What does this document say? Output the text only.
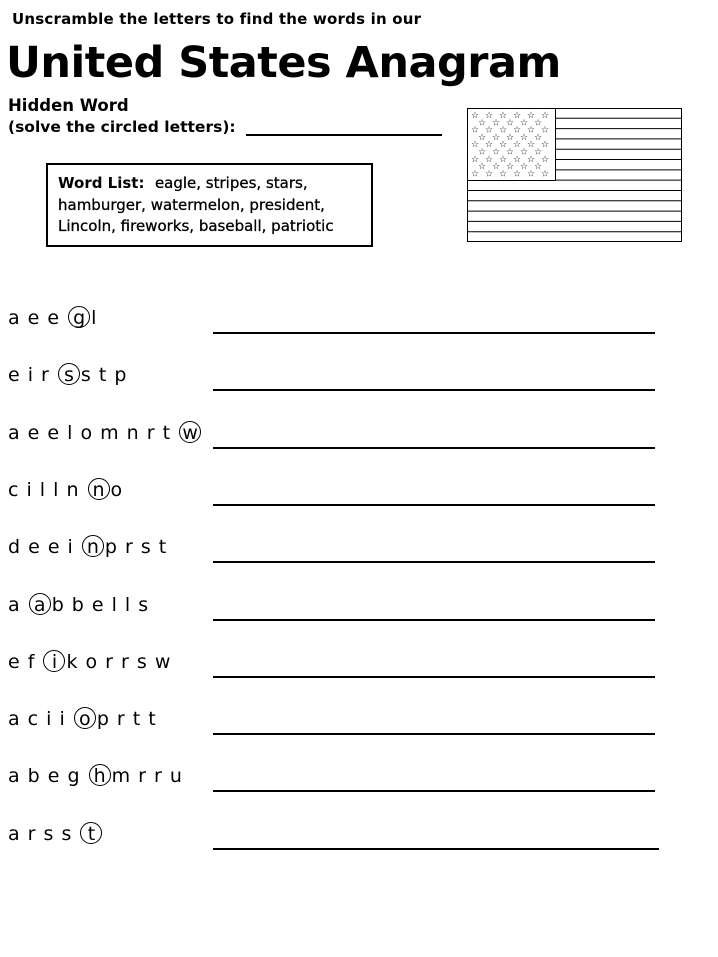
Unscramble the letters to find the words in our
United States Anagram
Hidden Word
(solve the circled letters):
Word List: eagle, stripes, stars,
hamburger, watermelon, president,
Lincoln, fireworks, baseball, patriotic
☆ ☆ ☆ ☆ ☆ ☆
☆ ☆ ☆ ☆ ☆
☆ ☆ ☆ ☆ ☆ ☆
☆ ☆ ☆ ☆ ☆
☆ ☆ ☆ ☆ ☆ ☆
☆ ☆ ☆ ☆ ☆
☆ ☆ ☆ ☆ ☆ ☆
☆ ☆ ☆ ☆ ☆
☆ ☆ ☆ ☆ ☆ ☆
a e e g l
e i r s s t p
a e e l o m n r t w
c i l l n n o
d e e i n p r s t
a a b b e l l s
e f i k o r r s w
a c i i o p r t t
a b e g h m r r u
a r s s t
